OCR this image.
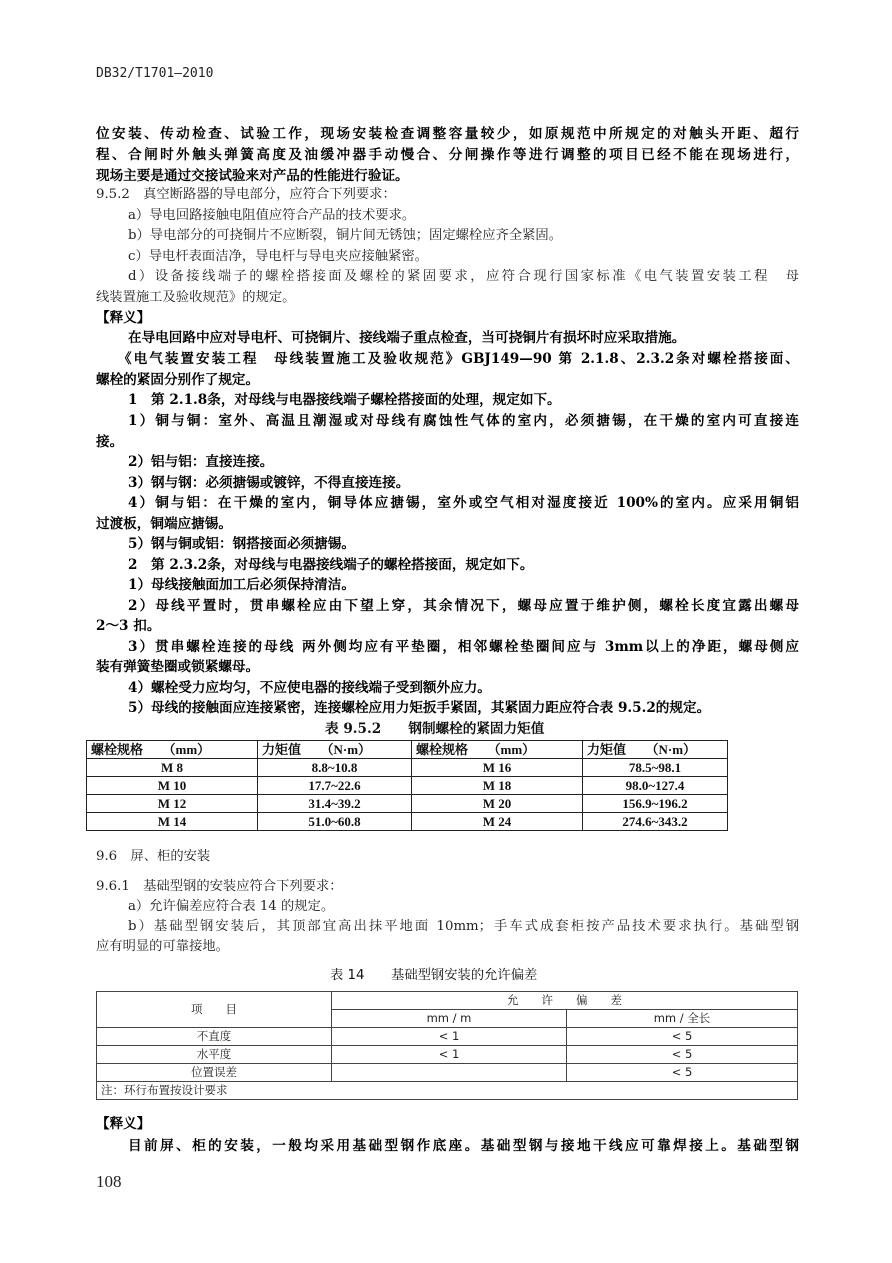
DB32/T1701—2010
位安装、传动检查、试验工作，现场安装检查调整容量较少，如原规范中所规定的对触头开距、超行
程、合闸时外触头弹簧高度及油缓冲器手动慢合、分闸操作等进行调整的项目已经不能在现场进行，
现场主要是通过交接试验来对产品的性能进行验证。
9.5.2　真空断路器的导电部分，应符合下列要求：
a）导电回路接触电阻值应符合产品的技术要求。
b）导电部分的可挠铜片不应断裂，铜片间无锈蚀；固定螺栓应齐全紧固。
c）导电杆表面洁净，导电杆与导电夹应接触紧密。
d）设备接线端子的螺栓搭接面及螺栓的紧固要求，应符合现行国家标准《电气装置安装工程　母
线装置施工及验收规范》的规定。
【释义】
在导电回路中应对导电杆、可挠铜片、接线端子重点检查，当可挠铜片有损坏时应采取措施。
《电气装置安装工程　母线装置施工及验收规范》GBJ149—90 第 2.1.8、2.3.2条对螺栓搭接面、
螺栓的紧固分别作了规定。
1　第 2.1.8条，对母线与电器接线端子螺栓搭接面的处理，规定如下。
1）铜与铜：室外、高温且潮湿或对母线有腐蚀性气体的室内，必须搪锡，在干燥的室内可直接连
接。
2）铝与铝：直接连接。
3）钢与钢：必须搪锡或镀锌，不得直接连接。
4）铜与铝：在干燥的室内，铜导体应搪锡，室外或空气相对湿度接近 100%的室内。应采用铜铝
过渡板，铜端应搪锡。
5）钢与铜或铝：钢搭接面必须搪锡。
2　第 2.3.2条，对母线与电器接线端子的螺栓搭接面，规定如下。
1）母线接触面加工后必须保持清洁。
2）母线平置时，贯串螺栓应由下望上穿，其余情况下，螺母应置于维护侧，螺栓长度宜露出螺母
2～3 扣。
3）贯串螺栓连接的母线 两外侧均应有平垫圈，相邻螺栓垫圈间应与 3mm以上的净距，螺母侧应
装有弹簧垫圈或锁紧螺母。
4）螺栓受力应均匀，不应使电器的接线端子受到额外应力。
5）母线的接触面应连接紧密，连接螺栓应用力矩扳手紧固，其紧固力距应符合表 9.5.2的规定。
表 9.5.2　　钢制螺栓的紧固力矩值
螺栓规格　　（mm）	力矩值　　（N·m）	螺栓规格　　（mm）	力矩值　　（N·m）
M 8	8.8~10.8	M 16	78.5~98.1
M 10	17.7~22.6	M 18	98.0~127.4
M 12	31.4~39.2	M 20	156.9~196.2
M 14	51.0~60.8	M 24	274.6~343.2
9.6　屏、柜的安装
9.6.1　基础型钢的安装应符合下列要求：
a）允许偏差应符合表 14 的规定。
b）基础型钢安装后，其顶部宜高出抹平地面 10mm；手车式成套柜按产品技术要求执行。基础型钢
应有明显的可靠接地。
表 14　　基础型钢安装的允许偏差
项　　目	允　　许　　偏　　差	
	mm / m	mm / 全长
不直度	< 1	< 5
水平度	< 1	< 5
位置误差		< 5
注：环行布置按设计要求		
【释义】
目前屏、柜的安装，一般均采用基础型钢作底座。基础型钢与接地干线应可靠焊接上。基础型钢
108
